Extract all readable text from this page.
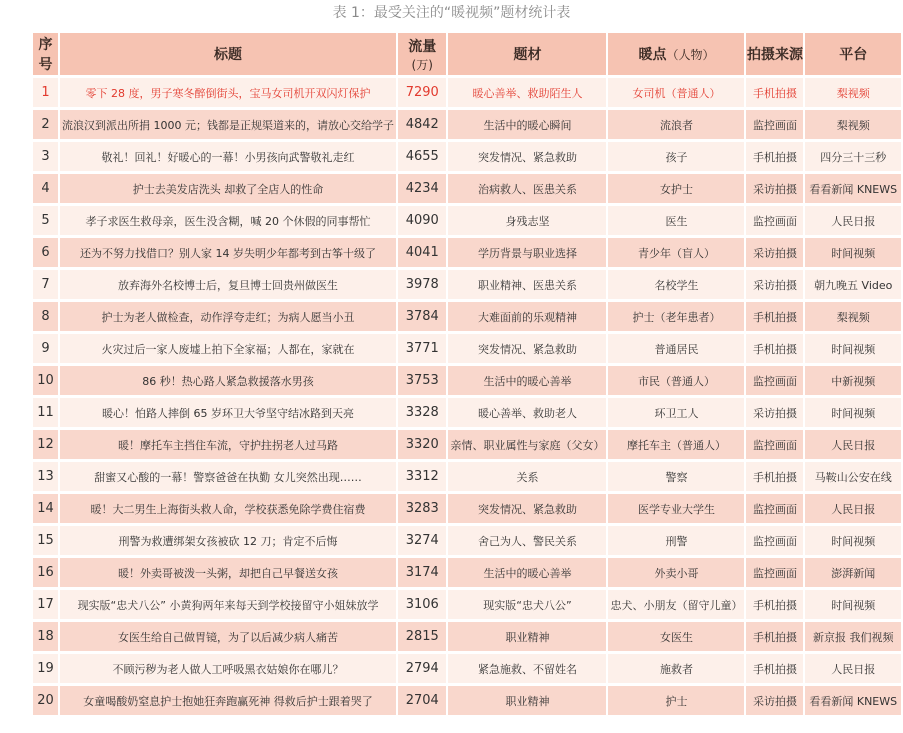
表 1：最受关注的“暖视频”题材统计表
序号	标题	流量(万)	题材	暖点（人物）	拍摄来源	平台
1	零下 28 度，男子寒冬醉倒街头，宝马女司机开双闪灯保护	7290	暖心善举、救助陌生人	女司机（普通人）	手机拍摄	梨视频
2	流浪汉到派出所捐 1000 元；钱都是正规渠道来的，请放心交给学子	4842	生活中的暖心瞬间	流浪者	监控画面	梨视频
3	敬礼！回礼！好暖心的一幕！小男孩向武警敬礼走红	4655	突发情况、紧急救助	孩子	手机拍摄	四分三十三秒
4	护士去美发店洗头 却救了全店人的性命	4234	治病救人、医患关系	女护士	采访拍摄	看看新闻 KNEWS
5	孝子求医生救母亲，医生没含糊，喊 20 个休假的同事帮忙	4090	身残志坚	医生	监控画面	人民日报
6	还为不努力找借口？别人家 14 岁失明少年都考到古筝十级了	4041	学历背景与职业选择	青少年（盲人）	采访拍摄	时间视频
7	放弃海外名校博士后，复旦博士回贵州做医生	3978	职业精神、医患关系	名校学生	采访拍摄	朝九晚五 Video
8	护士为老人做检查，动作浮夸走红；为病人愿当小丑	3784	大难面前的乐观精神	护士（老年患者）	手机拍摄	梨视频
9	火灾过后一家人废墟上拍下全家福；人都在，家就在	3771	突发情况、紧急救助	普通居民	手机拍摄	时间视频
10	86 秒！热心路人紧急救援落水男孩	3753	生活中的暖心善举	市民（普通人）	监控画面	中新视频
11	暖心！怕路人摔倒 65 岁环卫大爷坚守结冰路到天亮	3328	暖心善举、救助老人	环卫工人	采访拍摄	时间视频
12	暖！摩托车主挡住车流，守护拄拐老人过马路	3320	亲情、职业属性与家庭（父女）	摩托车主（普通人）	监控画面	人民日报
13	甜蜜又心酸的一幕！警察爸爸在执勤 女儿突然出现……	3312	关系	警察	手机拍摄	马鞍山公安在线
14	暖！大二男生上海街头救人命，学校获悉免除学费住宿费	3283	突发情况、紧急救助	医学专业大学生	监控画面	人民日报
15	刑警为救遭绑架女孩被砍 12 刀；肯定不后悔	3274	舍己为人、警民关系	刑警	监控画面	时间视频
16	暖！外卖哥被泼一头粥，却把自己早餐送女孩	3174	生活中的暖心善举	外卖小哥	监控画面	澎湃新闻
17	现实版“忠犬八公” 小黄狗两年来每天到学校接留守小姐妹放学	3106	现实版“忠犬八公”	忠犬、小朋友（留守儿童）	手机拍摄	时间视频
18	女医生给自己做胃镜，为了以后减少病人痛苦	2815	职业精神	女医生	手机拍摄	新京报 我们视频
19	不顾污秽为老人做人工呼吸黑衣姑娘你在哪儿？	2794	紧急施救、不留姓名	施救者	手机拍摄	人民日报
20	女童喝酸奶窒息护士抱她狂奔跑赢死神 得救后护士跟着哭了	2704	职业精神	护士	采访拍摄	看看新闻 KNEWS
